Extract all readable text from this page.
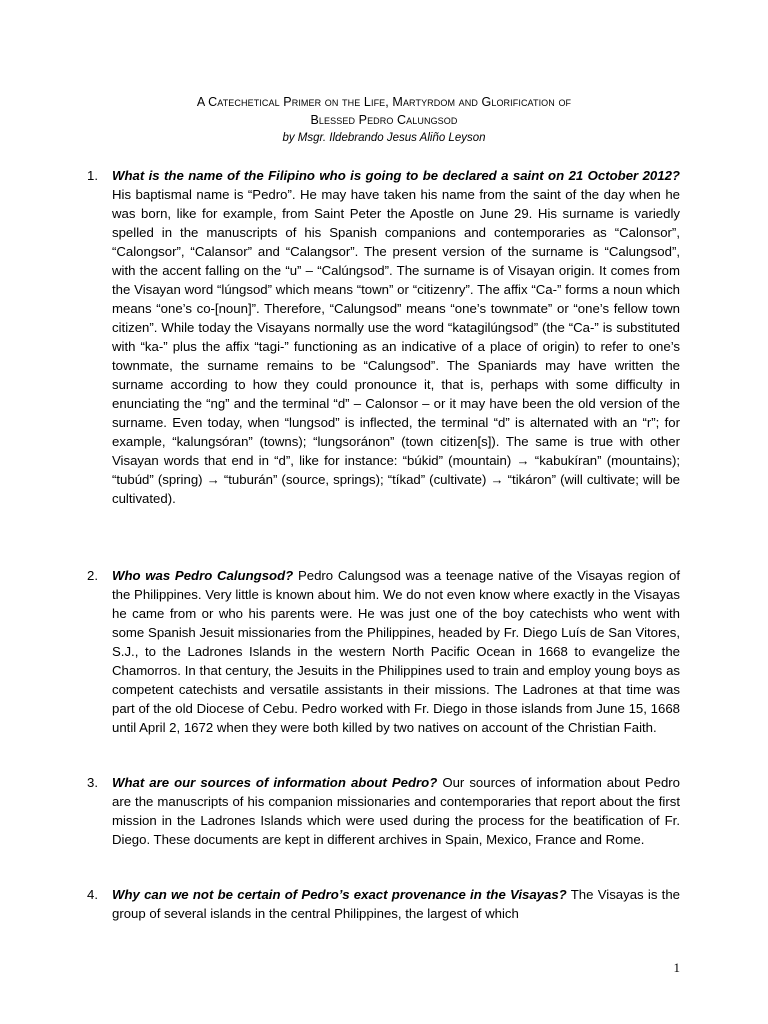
A Catechetical Primer on the Life, Martyrdom and Glorification of
Blessed Pedro Calungsod
by Msgr. Ildebrando Jesus Aliño Leyson
1.	What is the name of the Filipino who is going to be declared a saint on 21 October 2012? His baptismal name is “Pedro”. He may have taken his name from the saint of the day when he was born, like for example, from Saint Peter the Apostle on June 29. His surname is variedly spelled in the manuscripts of his Spanish companions and contemporaries as “Calonsor”, “Calongsor”, “Calansor” and “Calangsor”. The present version of the surname is “Calungsod”, with the accent falling on the “u” – “Calúngsod”. The surname is of Visayan origin. It comes from the Visayan word “lúngsod” which means “town” or “citizenry”. The affix “Ca-” forms a noun which means “one’s co-[noun]”. Therefore, “Calungsod” means “one’s townmate” or “one’s fellow town citizen”. While today the Visayans normally use the word “katagilúngsod” (the “Ca-” is substituted with “ka-” plus the affix “tagi-” functioning as an indicative of a place of origin) to refer to one’s townmate, the surname remains to be “Calungsod”. The Spaniards may have written the surname according to how they could pronounce it, that is, perhaps with some difficulty in enunciating the “ng” and the terminal “d” – Calonsor – or it may have been the old version of the surname. Even today, when “lungsod” is inflected, the terminal “d” is alternated with an “r”; for example, “kalungsóran” (towns); “lungsoránon” (town citizen[s]). The same is true with other Visayan words that end in “d”, like for instance: “búkid” (mountain) → “kabukíran” (mountains); “tubúd” (spring) → “tuburán” (source, springs); “tíkad” (cultivate) → “tikáron” (will cultivate; will be cultivated).
2.	Who was Pedro Calungsod? Pedro Calungsod was a teenage native of the Visayas region of the Philippines. Very little is known about him. We do not even know where exactly in the Visayas he came from or who his parents were. He was just one of the boy catechists who went with some Spanish Jesuit missionaries from the Philippines, headed by Fr. Diego Luís de San Vitores, S.J., to the Ladrones Islands in the western North Pacific Ocean in 1668 to evangelize the Chamorros. In that century, the Jesuits in the Philippines used to train and employ young boys as competent catechists and versatile assistants in their missions. The Ladrones at that time was part of the old Diocese of Cebu. Pedro worked with Fr. Diego in those islands from June 15, 1668 until April 2, 1672 when they were both killed by two natives on account of the Christian Faith.
3.	What are our sources of information about Pedro? Our sources of information about Pedro are the manuscripts of his companion missionaries and contemporaries that report about the first mission in the Ladrones Islands which were used during the process for the beatification of Fr. Diego. These documents are kept in different archives in Spain, Mexico, France and Rome.
4.	Why can we not be certain of Pedro’s exact provenance in the Visayas? The Visayas is the group of several islands in the central Philippines, the largest of which
1
